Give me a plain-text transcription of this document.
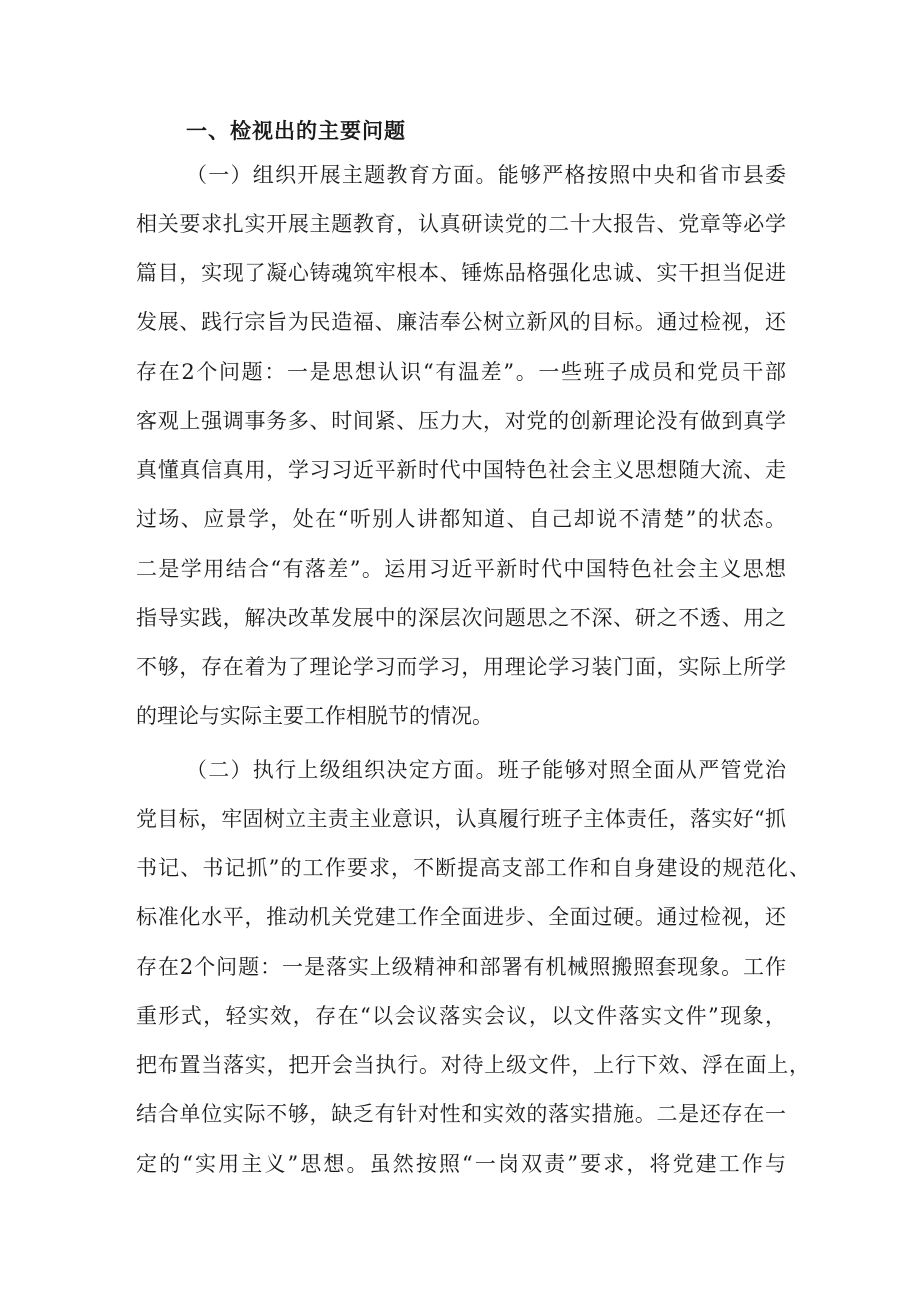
一、检视出的主要问题
（一）组织开展主题教育方面。能够严格按照中央和省市县委
相关要求扎实开展主题教育，认真研读党的二十大报告、党章等必学
篇目，实现了凝心铸魂筑牢根本、锤炼品格强化忠诚、实干担当促进
发展、践行宗旨为民造福、廉洁奉公树立新风的目标。通过检视，还
存在2个问题：一是思想认识“有温差”。一些班子成员和党员干部
客观上强调事务多、时间紧、压力大，对党的创新理论没有做到真学
真懂真信真用，学习习近平新时代中国特色社会主义思想随大流、走
过场、应景学，处在“听别人讲都知道、自己却说不清楚”的状态。
二是学用结合“有落差”。运用习近平新时代中国特色社会主义思想
指导实践，解决改革发展中的深层次问题思之不深、研之不透、用之
不够，存在着为了理论学习而学习，用理论学习装门面，实际上所学
的理论与实际主要工作相脱节的情况。
（二）执行上级组织决定方面。班子能够对照全面从严管党治
党目标，牢固树立主责主业意识，认真履行班子主体责任，落实好“抓
书记、书记抓”的工作要求，不断提高支部工作和自身建设的规范化、
标准化水平，推动机关党建工作全面进步、全面过硬。通过检视，还
存在2个问题：一是落实上级精神和部署有机械照搬照套现象。工作
重形式，轻实效，存在“以会议落实会议，以文件落实文件”现象，
把布置当落实，把开会当执行。对待上级文件，上行下效、浮在面上，
结合单位实际不够，缺乏有针对性和实效的落实措施。二是还存在一
定的“实用主义”思想。虽然按照“一岗双责”要求，将党建工作与
